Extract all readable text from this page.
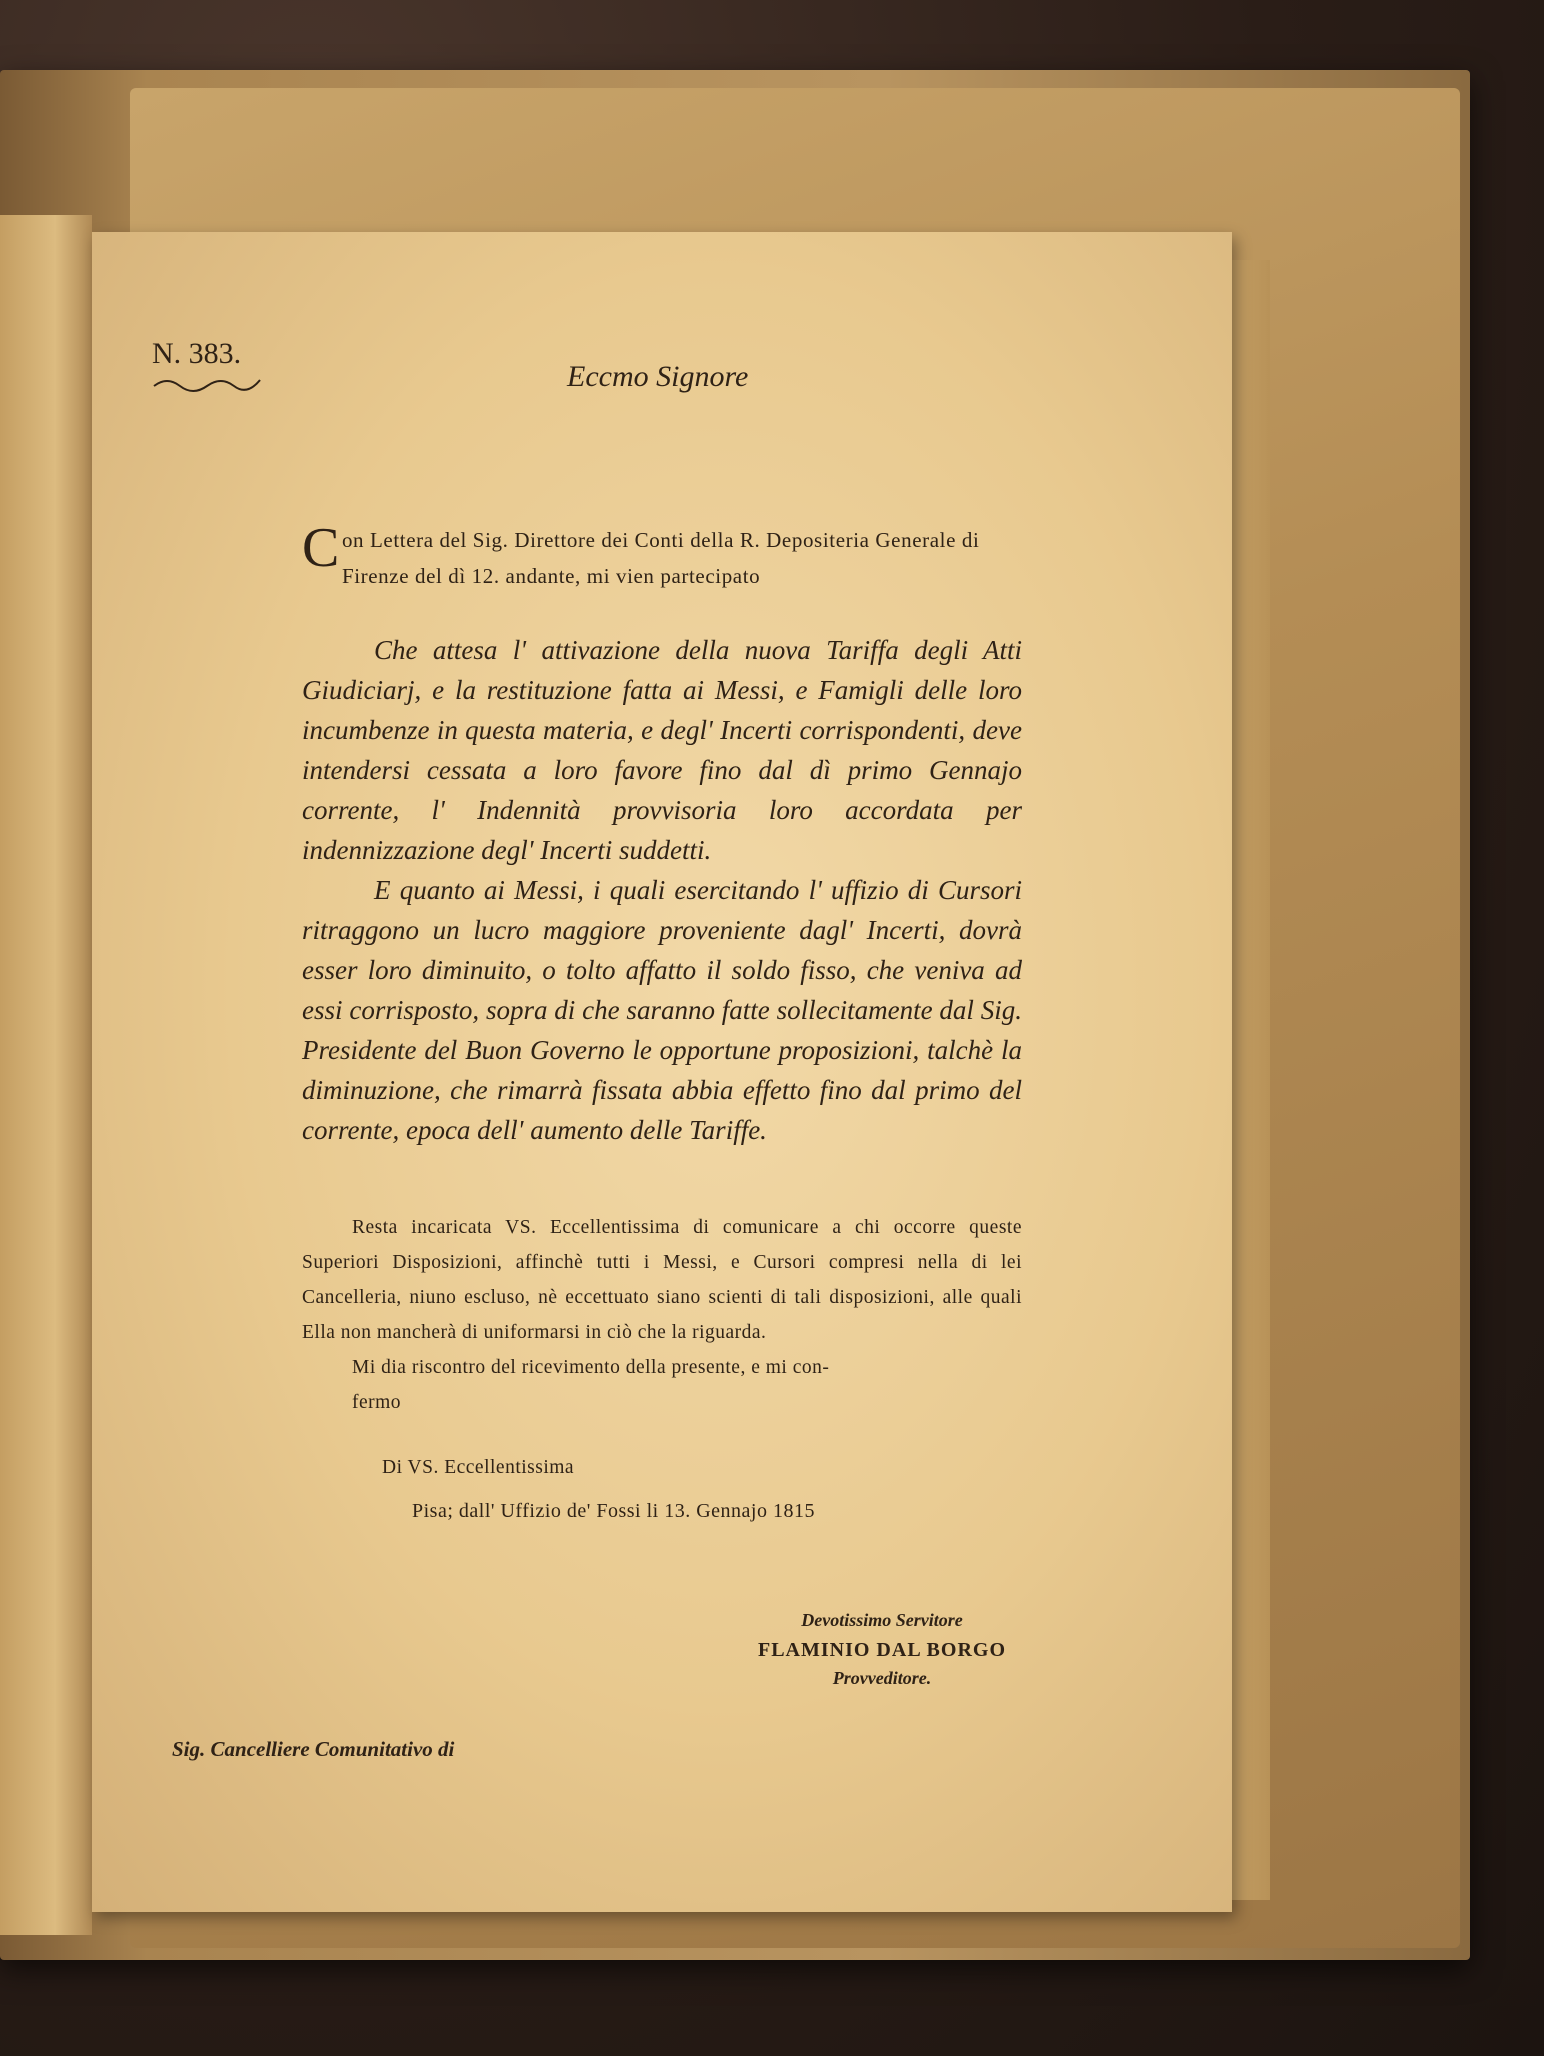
N. 383.
Eccmo Signore

Con Lettera del Sig. Direttore dei Conti della R. Depositeria Generale di Firenze del dì 12. andante, mi vien partecipato

Che attesa l' attivazione della nuova Tariffa degli Atti Giudiciarj, e la restituzione fatta ai Messi, e Famigli delle loro incumbenze in questa materia, e degl' Incerti corrispondenti, deve intendersi cessata a loro favore fino dal dì primo Gennajo corrente, l' Indennità provvisoria loro accordata per indennizzazione degl' Incerti suddetti.

E quanto ai Messi, i quali esercitando l' uffizio di Cursori ritraggono un lucro maggiore proveniente dagl' Incerti, dovrà esser loro diminuito, o tolto affatto il soldo fisso, che veniva ad essi corrisposto, sopra di che saranno fatte sollecitamente dal Sig. Presidente del Buon Governo le opportune proposizioni, talchè la diminuzione, che rimarrà fissata abbia effetto fino dal primo del corrente, epoca dell' aumento delle Tariffe.

Resta incaricata VS. Eccellentissima di comunicare a chi occorre queste Superiori Disposizioni, affinchè tutti i Messi, e Cursori compresi nella di lei Cancelleria, niuno escluso, nè eccettuato siano scienti di tali disposizioni, alle quali Ella non mancherà di uniformarsi in ciò che la riguarda.

Mi dia riscontro del ricevimento della presente, e mi con-

fermo

Di VS. Eccellentissima
Pisa; dall' Uffizio de' Fossi li 13. Gennajo 1815
Devotissimo Servitore
FLAMINIO DAL BORGO
Provveditore.
Sig. Cancelliere Comunitativo di
